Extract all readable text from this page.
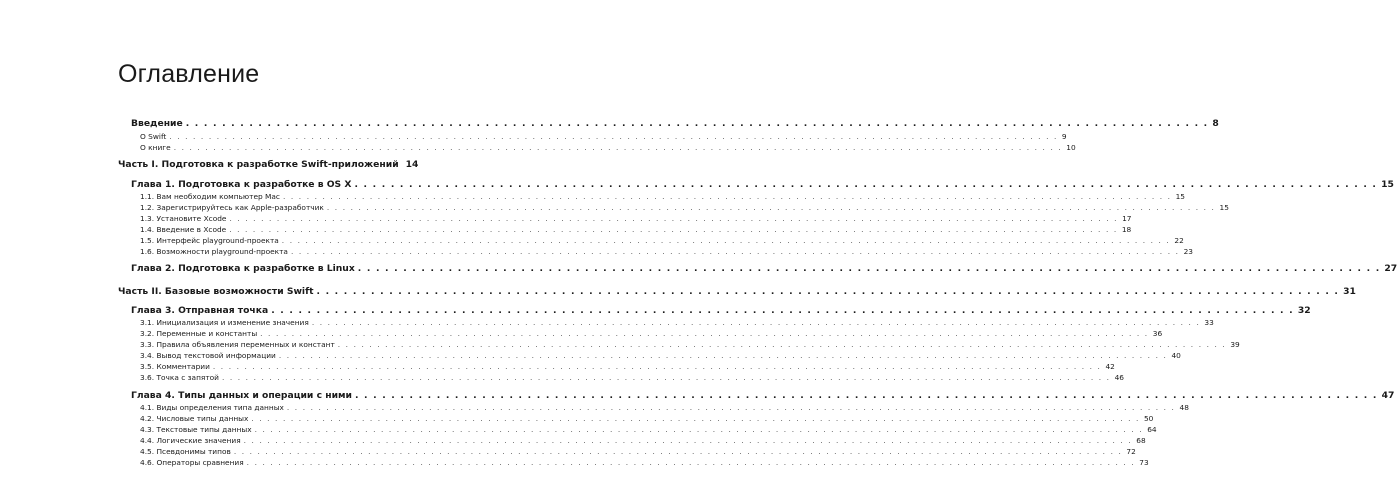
Оглавление
Введение . . .	8
О Swift . . .	9
О книге . . .	10
Часть I. Подготовка к разработке Swift-приложений 14
Глава 1. Подготовка к разработке в OS X . . .	15
1.1. Вам необходим компьютер Mac . . .	15
1.2. Зарегистрируйтесь как Apple-разработчик . . .	15
1.3. Установите Xcode . . .	17
1.4. Введение в Xcode . . .	18
1.5. Интерфейс playground-проекта . . .	22
1.6. Возможности playground-проекта . . .	23
Глава 2. Подготовка к разработке в Linux . . .	27
Часть II. Базовые возможности Swift . . .	31
Глава 3. Отправная точка . . .	32
3.1. Инициализация и изменение значения . . .	33
3.2. Переменные и константы . . .	36
3.3. Правила объявления переменных и констант . . .	39
3.4. Вывод текстовой информации . . .	40
3.5. Комментарии . . .	42
3.6. Точка с запятой . . .	46
Глава 4. Типы данных и операции с ними . . .	47
4.1. Виды определения типа данных . . .	48
4.2. Числовые типы данных . . .	50
4.3. Текстовые типы данных . . .	64
4.4. Логические значения . . .	68
4.5. Псевдонимы типов . . .	72
4.6. Операторы сравнения . . .	73
